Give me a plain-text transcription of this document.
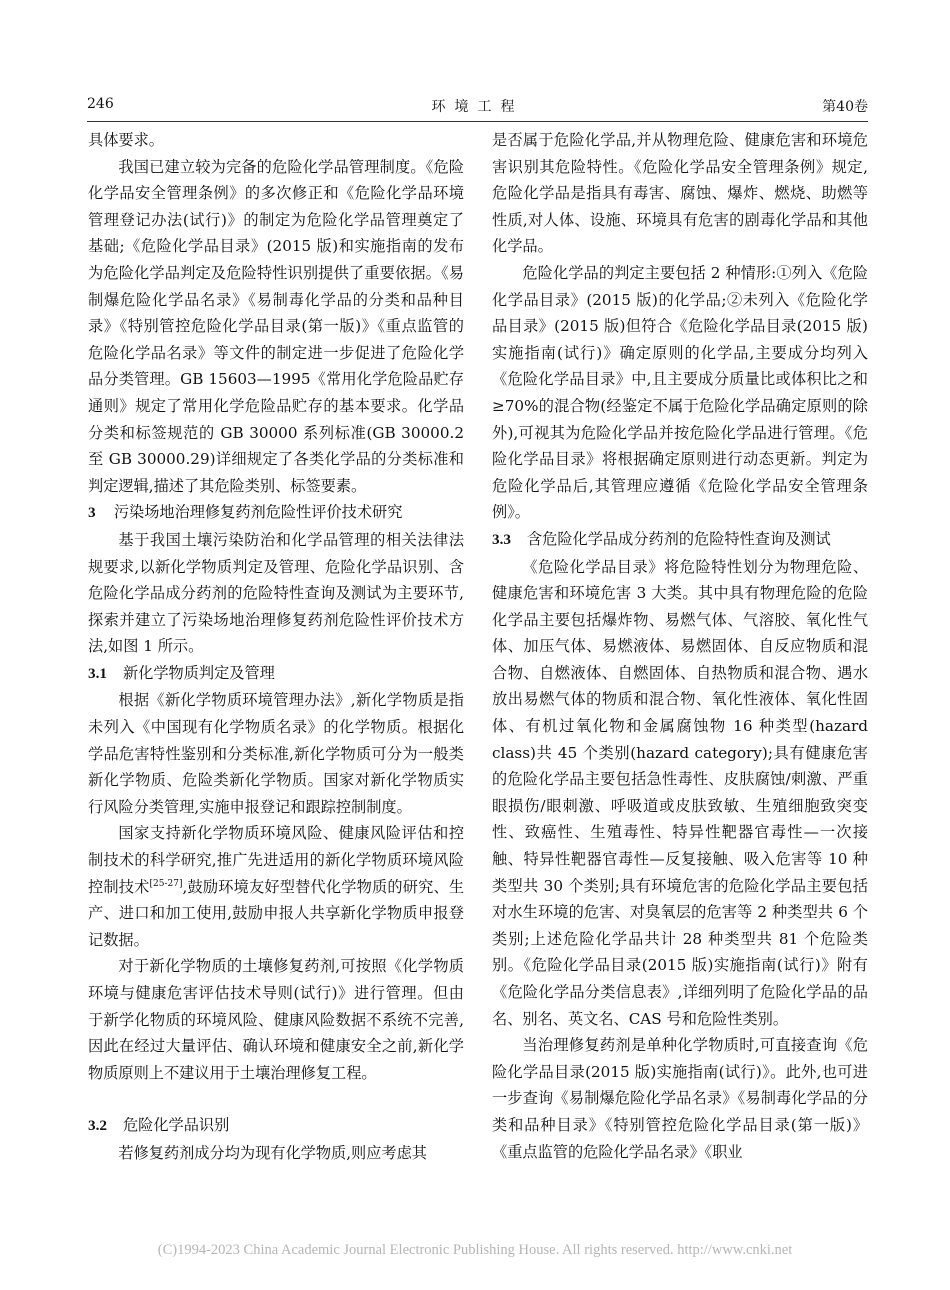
246	环境工程	第40卷

具体要求。

我国已建立较为完备的危险化学品管理制度。《危险化学品安全管理条例》的多次修正和《危险化学品环境管理登记办法(试行)》的制定为危险化学品管理奠定了基础;《危险化学品目录》(2015 版)和实施指南的发布为危险化学品判定及危险特性识别提供了重要依据。《易制爆危险化学品名录》《易制毒化学品的分类和品种目录》《特别管控危险化学品目录(第一版)》《重点监管的危险化学品名录》等文件的制定进一步促进了危险化学品分类管理。GB 15603—1995《常用化学危险品贮存通则》规定了常用化学危险品贮存的基本要求。化学品分类和标签规范的 GB 30000 系列标准(GB 30000.2 至 GB 30000.29)详细规定了各类化学品的分类标准和判定逻辑,描述了其危险类别、标签要素。

3 污染场地治理修复药剂危险性评价技术研究

基于我国土壤污染防治和化学品管理的相关法律法规要求,以新化学物质判定及管理、危险化学品识别、含危险化学品成分药剂的危险特性查询及测试为主要环节,探索并建立了污染场地治理修复药剂危险性评价技术方法,如图 1 所示。

3.1 新化学物质判定及管理

根据《新化学物质环境管理办法》,新化学物质是指未列入《中国现有化学物质名录》的化学物质。根据化学品危害特性鉴别和分类标准,新化学物质可分为一般类新化学物质、危险类新化学物质。国家对新化学物质实行风险分类管理,实施申报登记和跟踪控制制度。

国家支持新化学物质环境风险、健康风险评估和控制技术的科学研究,推广先进适用的新化学物质环境风险控制技术[25-27],鼓励环境友好型替代化学物质的研究、生产、进口和加工使用,鼓励申报人共享新化学物质申报登记数据。

对于新化学物质的土壤修复药剂,可按照《化学物质环境与健康危害评估技术导则(试行)》进行管理。但由于新学化物质的环境风险、健康风险数据不系统不完善,因此在经过大量评估、确认环境和健康安全之前,新化学物质原则上不建议用于土壤治理修复工程。

3.2 危险化学品识别

若修复药剂成分均为现有化学物质,则应考虑其

是否属于危险化学品,并从物理危险、健康危害和环境危害识别其危险特性。《危险化学品安全管理条例》规定,危险化学品是指具有毒害、腐蚀、爆炸、燃烧、助燃等性质,对人体、设施、环境具有危害的剧毒化学品和其他化学品。

危险化学品的判定主要包括 2 种情形:①列入《危险化学品目录》(2015 版)的化学品;②未列入《危险化学品目录》(2015 版)但符合《危险化学品目录(2015 版)实施指南(试行)》确定原则的化学品,主要成分均列入《危险化学品目录》中,且主要成分质量比或体积比之和≥70%的混合物(经鉴定不属于危险化学品确定原则的除外),可视其为危险化学品并按危险化学品进行管理。《危险化学品目录》将根据确定原则进行动态更新。判定为危险化学品后,其管理应遵循《危险化学品安全管理条例》。

3.3 含危险化学品成分药剂的危险特性查询及测试

《危险化学品目录》将危险特性划分为物理危险、健康危害和环境危害 3 大类。其中具有物理危险的危险化学品主要包括爆炸物、易燃气体、气溶胶、氧化性气体、加压气体、易燃液体、易燃固体、自反应物质和混合物、自燃液体、自燃固体、自热物质和混合物、遇水放出易燃气体的物质和混合物、氧化性液体、氧化性固体、有机过氧化物和金属腐蚀物 16 种类型(hazard class)共 45 个类别(hazard category);具有健康危害的危险化学品主要包括急性毒性、皮肤腐蚀/刺激、严重眼损伤/眼刺激、呼吸道或皮肤致敏、生殖细胞致突变性、致癌性、生殖毒性、特异性靶器官毒性—一次接触、特异性靶器官毒性—反复接触、吸入危害等 10 种类型共 30 个类别;具有环境危害的危险化学品主要包括对水生环境的危害、对臭氧层的危害等 2 种类型共 6 个类别;上述危险化学品共计 28 种类型共 81 个危险类别。《危险化学品目录(2015 版)实施指南(试行)》附有《危险化学品分类信息表》,详细列明了危险化学品的品名、别名、英文名、CAS 号和危险性类别。

当治理修复药剂是单种化学物质时,可直接查询《危险化学品目录(2015 版)实施指南(试行)》。此外,也可进一步查询《易制爆危险化学品名录》《易制毒化学品的分类和品种目录》《特别管控危险化学品目录(第一版)》《重点监管的危险化学品名录》《职业

(C)1994-2023 China Academic Journal Electronic Publishing House. All rights reserved. http://www.cnki.net
